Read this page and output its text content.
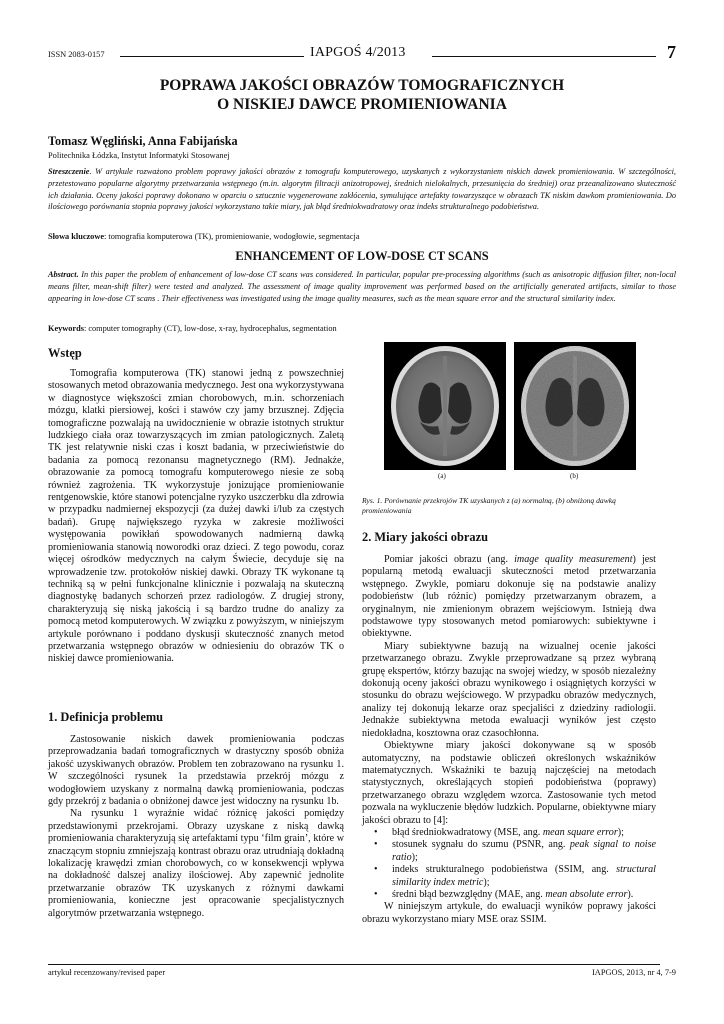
ISSN 2083-0157	IAPGOŚ 4/2013	7
POPRAWA JAKOŚCI OBRAZÓW TOMOGRAFICZNYCH
O NISKIEJ DAWCE PROMIENIOWANIA
Tomasz Węgliński, Anna Fabijańska
Politechnika Łódzka, Instytut Informatyki Stosowanej
Streszczenie. W artykule rozważono problem poprawy jakości obrazów z tomografu komputerowego, uzyskanych z wykorzystaniem niskich dawek promieniowania. W szczególności, przetestowano popularne algorytmy przetwarzania wstępnego (m.in. algorytm filtracji anizotropowej, średnich nielokalnych, przesunięcia do średniej) oraz przeanalizowano skuteczność ich działania. Oceny jakości poprawy dokonano w oparciu o sztucznie wygenerowane zakłócenia, symulujące artefakty towarzyszące w obrazach TK niskim dawkom promieniowania. Do ilościowego porównania stopnia poprawy jakości wykorzystano takie miary, jak błąd średniokwadratowy oraz indeks strukturalnego podobieństwa.
Słowa kluczowe: tomografia komputerowa (TK), promieniowanie, wodogłowie, segmentacja
ENHANCEMENT OF LOW-DOSE CT SCANS
Abstract. In this paper the problem of enhancement of low-dose CT scans was considered. In particular, popular pre-processing algorithms (such as anisotropic diffusion filter, non-local means filter, mean-shift filter) were tested and analyzed. The assessment of image quality improvement was performed based on the artificially generated artifacts, similar to those appearing in low-dose CT scans . Their effectiveness was investigated using the image quality measures, such as the mean square error and the structural similarity index.
Keywords: computer tomography (CT), low-dose, x-ray, hydrocephalus, segmentation
Wstęp

Tomografia komputerowa (TK) stanowi jedną z powszechniej stosowanych metod obrazowania medycznego. Jest ona wykorzystywana w diagnostyce większości zmian chorobowych, m.in. schorzeniach mózgu, klatki piersiowej, kości i stawów czy jamy brzusznej. Zdjęcia tomograficzne pozwalają na uwidocznienie w obrazie istotnych struktur ludzkiego ciała oraz towarzyszących im zmian patologicznych. Zaletą TK jest relatywnie niski czas i koszt badania, w przeciwieństwie do badania za pomocą rezonansu magnetycznego (RM). Jednakże, obrazowanie za pomocą tomografu komputerowego niesie ze sobą również zagrożenia. TK wykorzystuje jonizujące promieniowanie rentgenowskie, które stanowi potencjalne ryzyko uszczerbku dla zdrowia w przypadku nadmiernej ekspozycji (za dużej dawki i/lub za częstych badań). Grupę największego ryzyka w zakresie możliwości występowania powikłań spowodowanych nadmierną dawką promieniowania stanowią noworodki oraz dzieci. Z tego powodu, coraz więcej ośrodków medycznych na całym Świecie, decyduje się na wprowadzenie tzw. protokołów niskiej dawki. Obrazy TK wykonane tą techniką są w pełni funkcjonalne klinicznie i pozwalają na skuteczną diagnostykę badanych schorzeń przez radiologów. Z drugiej strony, charakteryzują się niską jakością i są bardzo trudne do analizy za pomocą metod komputerowych. W związku z powyższym, w niniejszym artykule porównano i poddano dyskusji skuteczność znanych metod przetwarzania wstępnego obrazów w odniesieniu do obrazów TK o niskiej dawce promieniowania.

1. Definicja problemu

Zastosowanie niskich dawek promieniowania podczas przeprowadzania badań tomograficznych w drastyczny sposób obniża jakość uzyskiwanych obrazów. Problem ten zobrazowano na rysunku 1. W szczególności rysunek 1a przedstawia przekrój mózgu z wodogłowiem uzyskany z normalną dawką promieniowania, podczas gdy przekrój z badania o obniżonej dawce jest widoczny na rysunku 1b.

Na rysunku 1 wyraźnie widać różnicę jakości pomiędzy przedstawionymi przekrojami. Obrazy uzyskane z niską dawką promieniowania charakteryzują się artefaktami typu ‘film grain’, które w znaczącym stopniu zmniejszają kontrast obrazu oraz utrudniają dokładną lokalizację krawędzi zmian chorobowych, co w konsekwencji wpływa na dokładność dalszej analizy ilościowej. Aby zapewnić jednolite przetwarzanie obrazów TK uzyskanych z różnymi dawkami promieniowania, konieczne jest opracowanie specjalistycznych algorytmów przetwarzania wstępnego.

(a)	(b)
Rys. 1. Porównanie przekrojów TK uzyskanych z (a) normalną, (b) obniżoną dawką promieniowania
2. Miary jakości obrazu

Pomiar jakości obrazu (ang. image quality measurement) jest popularną metodą ewaluacji skuteczności metod przetwarzania wstępnego. Zwykle, pomiaru dokonuje się na podstawie analizy podobieństw (lub różnic) pomiędzy przetwarzanym obrazem, a oryginalnym, nie zmienionym obrazem wejściowym. Istnieją dwa podstawowe typy stosowanych metod pomiarowych: subiektywne i obiektywne.

Miary subiektywne bazują na wizualnej ocenie jakości przetwarzanego obrazu. Zwykle przeprowadzane są przez wybraną grupę ekspertów, którzy bazując na swojej wiedzy, w sposób niezależny dokonują oceny jakości obrazu wynikowego i osiągniętych korzyści w stosunku do obrazu wejściowego. W przypadku obrazów medycznych, analizy tej dokonują lekarze oraz specjaliści z dziedziny radiologii. Jednakże subiektywna metoda ewaluacji wyników jest często niedokładna, kosztowna oraz czasochłonna.

Obiektywne miary jakości dokonywane są w sposób automatyczny, na podstawie obliczeń określonych wskaźników matematycznych. Wskaźniki te bazują najczęściej na metodach statystycznych, określających stopień podobieństwa (poprawy) przetwarzanego obrazu względem wzorca. Zastosowanie tych metod pozwala na wykluczenie błędów ludzkich. Popularne, obiektywne miary jakości obrazu to [4]:

• błąd średniokwadratowy (MSE, ang. mean square error);
• stosunek sygnału do szumu (PSNR, ang. peak signal to noise ratio);
• indeks strukturalnego podobieństwa (SSIM, ang. structural similarity index metric);
• średni błąd bezwzględny (MAE, ang. mean absolute error).

W niniejszym artykule, do ewaluacji wyników poprawy jakości obrazu wykorzystano miary MSE oraz SSIM.

artykuł recenzowany/revised paper	IAPGOS, 2013, nr 4, 7-9
